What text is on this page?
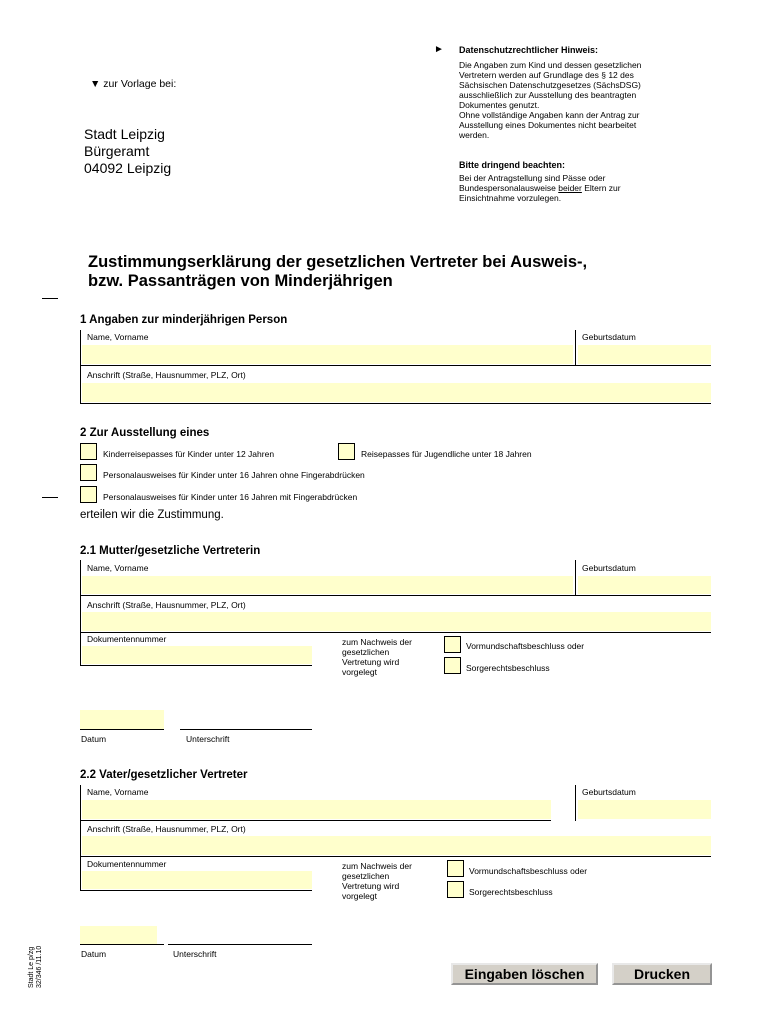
▼ zur Vorlage bei:
Stadt Leipzig
Bürgeramt
04092 Leipzig
► Datenschutzrechtlicher Hinweis:
Die Angaben zum Kind und dessen gesetzlichen
Vertretern werden auf Grundlage des § 12 des
Sächsischen Datenschutzgesetzes (SächsDSG)
ausschließlich zur Ausstellung des beantragten
Dokumentes genutzt.
Ohne vollständige Angaben kann der Antrag zur
Ausstellung eines Dokumentes nicht bearbeitet
werden.
Bitte dringend beachten:
Bei der Antragstellung sind Pässe oder
Bundespersonalausweise beider Eltern zur
Einsichtnahme vorzulegen.
Zustimmungserklärung der gesetzlichen Vertreter bei Ausweis-,
bzw. Passanträgen von Minderjährigen
1 Angaben zur minderjährigen Person
Name, Vorname	Geburtsdatum
Anschrift (Straße, Hausnummer, PLZ, Ort)
2 Zur Ausstellung eines
Kinderreisepasses für Kinder unter 12 Jahren	Reisepasses für Jugendliche unter 18 Jahren
Personalausweises für Kinder unter 16 Jahren ohne Fingerabdrücken
Personalausweises für Kinder unter 16 Jahren mit Fingerabdrücken
erteilen wir die Zustimmung.
2.1 Mutter/gesetzliche Vertreterin
Name, Vorname	Geburtsdatum
Anschrift (Straße, Hausnummer, PLZ, Ort)
Dokumentennummer	zum Nachweis der
gesetzlichen
Vertretung wird
vorgelegt
Vormundschaftsbeschluss oder
Sorgerechtsbeschluss
Datum	Unterschrift
2.2 Vater/gesetzlicher Vertreter
Name, Vorname	Geburtsdatum
Anschrift (Straße, Hausnummer, PLZ, Ort)
Dokumentennummer	zum Nachweis der
gesetzlichen
Vertretung wird
vorgelegt
Vormundschaftsbeschluss oder
Sorgerechtsbeschluss
Datum	Unterschrift
Stadt Le p/zg 32/346 /11.10	Eingaben löschen	Drucken
